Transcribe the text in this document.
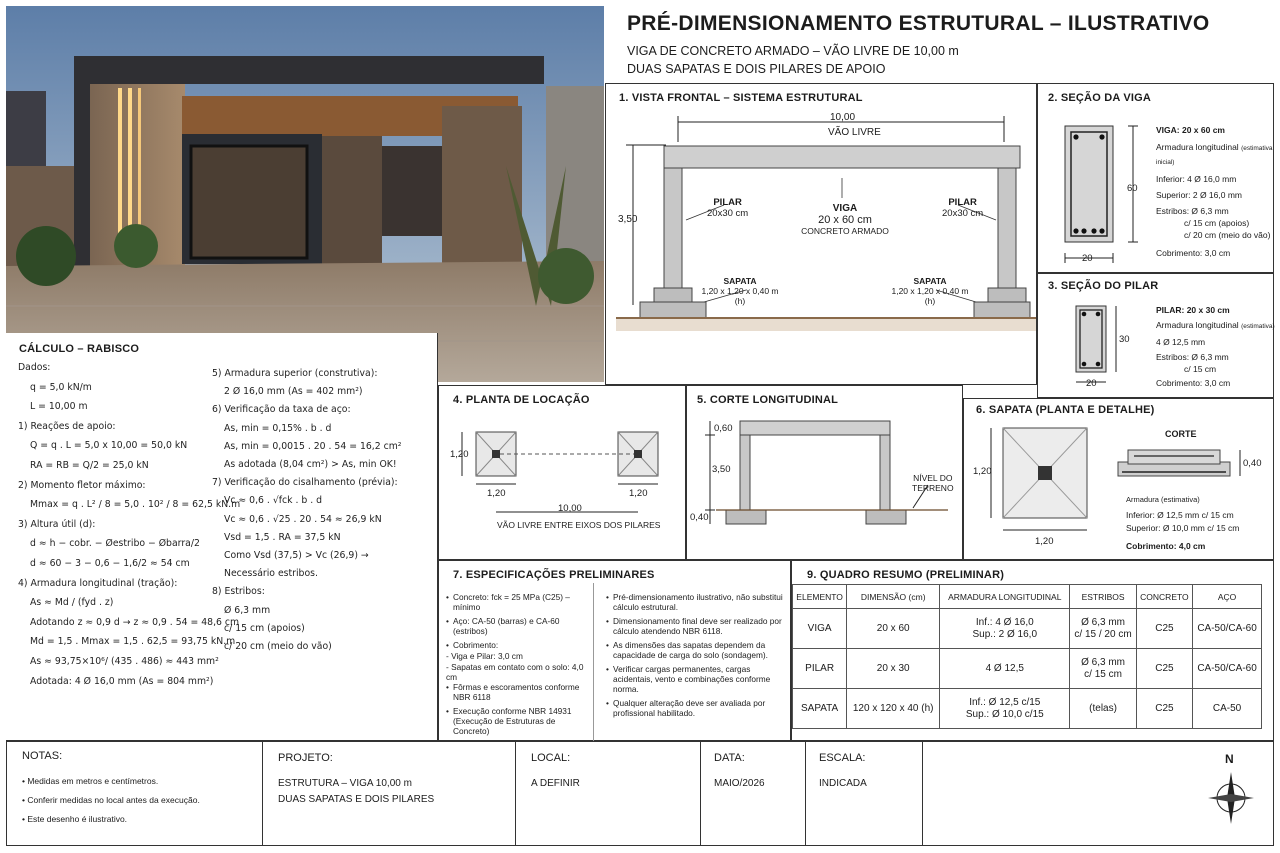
PRÉ-DIMENSIONAMENTO ESTRUTURAL – ILUSTRATIVO
VIGA DE CONCRETO ARMADO – VÃO LIVRE DE 10,00 m
DUAS SAPATAS E DOIS PILARES DE APOIO
1. VISTA FRONTAL – SISTEMA ESTRUTURAL
10,00
VÃO LIVRE
3,50
PILAR
20x30 cm
PILAR
20x30 cm
VIGA
20 x 60 cm
CONCRETO ARMADO
SAPATA
1,20 x 1,20 x 0,40 m
(h)
SAPATA
1,20 x 1,20 x 0,40 m
(h)
2. SEÇÃO DA VIGA
60
20
VIGA: 20 x 60 cm
Armadura longitudinal (estimativa inicial)
Inferior: 4 Ø 16,0 mm
Superior: 2 Ø 16,0 mm
Estribos: Ø 6,3 mm
c/ 15 cm (apoios)
c/ 20 cm (meio do vão)
Cobrimento: 3,0 cm
3. SEÇÃO DO PILAR
30
20
PILAR: 20 x 30 cm
Armadura longitudinal (estimativa)
4 Ø 12,5 mm
Estribos: Ø 6,3 mm
c/ 15 cm
Cobrimento: 3,0 cm
CÁLCULO – RABISCO
Dados:
q = 5,0 kN/m
L = 10,00 m
1) Reações de apoio:
Q = q . L = 5,0 x 10,00 = 50,0 kN
RA = RB = Q/2 = 25,0 kN
2) Momento fletor máximo:
Mmax = q . L² / 8 = 5,0 . 10² / 8 = 62,5 kN.m
3) Altura útil (d):
d ≈ h − cobr. − Øestribo − Øbarra/2
d ≈ 60 − 3 − 0,6 − 1,6/2 ≈ 54 cm
4) Armadura longitudinal (tração):
As ≈ Md / (fyd . z)
Adotando z ≈ 0,9 d → z ≈ 0,9 . 54 = 48,6 cm
Md = 1,5 . Mmax = 1,5 . 62,5 = 93,75 kN.m
As ≈ 93,75×10⁶/ (435 . 486) ≈ 443 mm²
Adotada: 4 Ø 16,0 mm (As = 804 mm²)
5) Armadura superior (construtiva):
2 Ø 16,0 mm (As = 402 mm²)
6) Verificação da taxa de aço:
As, min = 0,15% . b . d
As, min = 0,0015 . 20 . 54 = 16,2 cm²
As adotada (8,04 cm²) > As, min OK!
7) Verificação do cisalhamento (prévia):
Vc ≈ 0,6 . √fck . b . d
Vc ≈ 0,6 . √25 . 20 . 54 ≈ 26,9 kN
Vsd = 1,5 . RA = 37,5 kN
Como Vsd (37,5) > Vc (26,9) →
Necessário estribos.
8) Estribos:
Ø 6,3 mm
c/ 15 cm (apoios)
c/ 20 cm (meio do vão)
4. PLANTA DE LOCAÇÃO
1,20
1,20	1,20
10,00
VÃO LIVRE ENTRE EIXOS DOS PILARES
5. CORTE LONGITUDINAL
0,60
3,50
0,40
NÍVEL DO
TERRENO
6. SAPATA (PLANTA E DETALHE)
1,20
1,20
CORTE
0,40
Armadura (estimativa)
Inferior: Ø 12,5 mm c/ 15 cm
Superior: Ø 10,0 mm c/ 15 cm
Cobrimento: 4,0 cm
7. ESPECIFICAÇÕES PRELIMINARES
• Concreto: fck = 25 MPa (C25) – mínimo
• Aço: CA-50 (barras) e CA-60 (estribos)
• Cobrimento:
- Viga e Pilar: 3,0 cm
- Sapatas em contato com o solo: 4,0 cm
• Fôrmas e escoramentos conforme NBR 6118
• Execução conforme NBR 14931 (Execução de Estruturas de Concreto)
•
• Pré-dimensionamento ilustrativo, não substitui cálculo estrutural.
• Dimensionamento final deve ser realizado por cálculo atendendo NBR 6118.
• As dimensões das sapatas dependem da capacidade de carga do solo (sondagem).
• Verificar cargas permanentes, cargas acidentais, vento e combinações conforme norma.
• Qualquer alteração deve ser avaliada por profissional habilitado.
9. QUADRO RESUMO (PRELIMINAR)
ELEMENTO	DIMENSÃO (cm)	ARMADURA LONGITUDINAL	ESTRIBOS	CONCRETO	AÇO
VIGA	20 x 60	Inf.: 4 Ø 16,0
Sup.: 2 Ø 16,0	Ø 6,3 mm
c/ 15 / 20 cm	C25	CA-50/CA-60
PILAR	20 x 30	4 Ø 12,5	Ø 6,3 mm
c/ 15 cm	C25	CA-50/CA-60
SAPATA	120 x 120 x 40 (h)	Inf.: Ø 12,5 c/15
Sup.: Ø 10,0 c/15	(telas)	C25	CA-50
NOTAS:
• Medidas em metros e centímetros.
• Conferir medidas no local antes da execução.
• Este desenho é ilustrativo.
PROJETO:
ESTRUTURA – VIGA 10,00 m
DUAS SAPATAS E DOIS PILARES
LOCAL:
A DEFINIR
DATA:
MAIO/2026
ESCALA:
INDICADA
N
